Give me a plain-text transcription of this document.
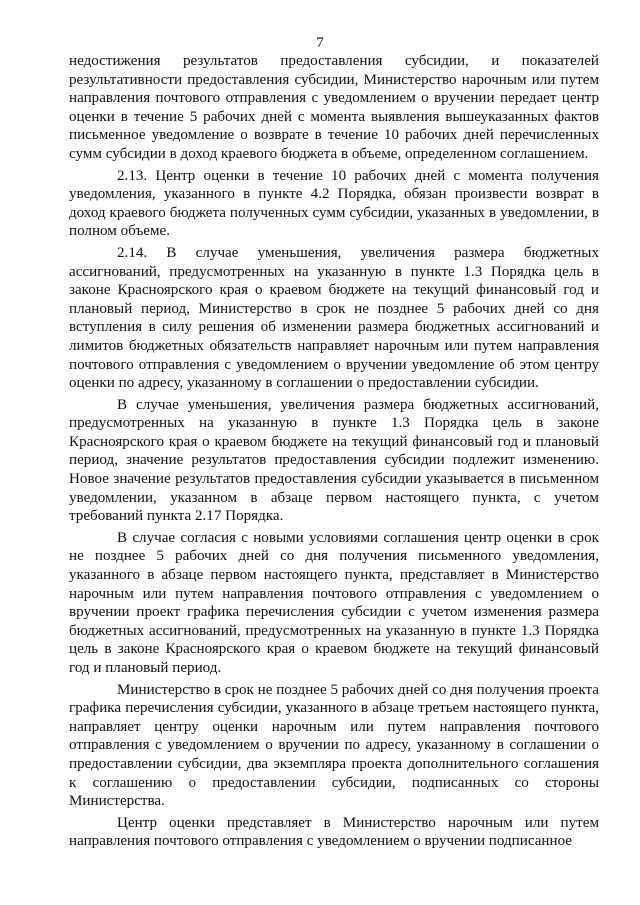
7

недостижения результатов предоставления субсидии, и показателей результативности предоставления субсидии, Министерство нарочным или путем направления почтового отправления с уведомлением о вручении передает центр оценки в течение 5 рабочих дней с момента выявления вышеуказанных фактов письменное уведомление о возврате в течение 10 рабочих дней перечисленных сумм субсидии в доход краевого бюджета в объеме, определенном соглашением.

2.13. Центр оценки в течение 10 рабочих дней с момента получения уведомления, указанного в пункте 4.2 Порядка, обязан произвести возврат в доход краевого бюджета полученных сумм субсидии, указанных в уведомлении, в полном объеме.

2.14. В случае уменьшения, увеличения размера бюджетных ассигнований, предусмотренных на указанную в пункте 1.3 Порядка цель в законе Красноярского края о краевом бюджете на текущий финансовый год и плановый период, Министерство в срок не позднее 5 рабочих дней со дня вступления в силу решения об изменении размера бюджетных ассигнований и лимитов бюджетных обязательств направляет нарочным или путем направления почтового отправления с уведомлением о вручении уведомление об этом центру оценки по адресу, указанному в соглашении о предоставлении субсидии.

В случае уменьшения, увеличения размера бюджетных ассигнований, предусмотренных на указанную в пункте 1.3 Порядка цель в законе Красноярского края о краевом бюджете на текущий финансовый год и плановый период, значение результатов предоставления субсидии подлежит изменению. Новое значение результатов предоставления субсидии указывается в письменном уведомлении, указанном в абзаце первом настоящего пункта, с учетом требований пункта 2.17 Порядка.

В случае согласия с новыми условиями соглашения центр оценки в срок не позднее 5 рабочих дней со дня получения письменного уведомления, указанного в абзаце первом настоящего пункта, представляет в Министерство нарочным или путем направления почтового отправления с уведомлением о вручении проект графика перечисления субсидии с учетом изменения размера бюджетных ассигнований, предусмотренных на указанную в пункте 1.3 Порядка цель в законе Красноярского края о краевом бюджете на текущий финансовый год и плановый период.

Министерство в срок не позднее 5 рабочих дней со дня получения проекта графика перечисления субсидии, указанного в абзаце третьем настоящего пункта, направляет центру оценки нарочным или путем направления почтового отправления с уведомлением о вручении по адресу, указанному в соглашении о предоставлении субсидии, два экземпляра проекта дополнительного соглашения к соглашению о предоставлении субсидии, подписанных со стороны Министерства.

Центр оценки представляет в Министерство нарочным или путем направления почтового отправления с уведомлением о вручении подписанное
